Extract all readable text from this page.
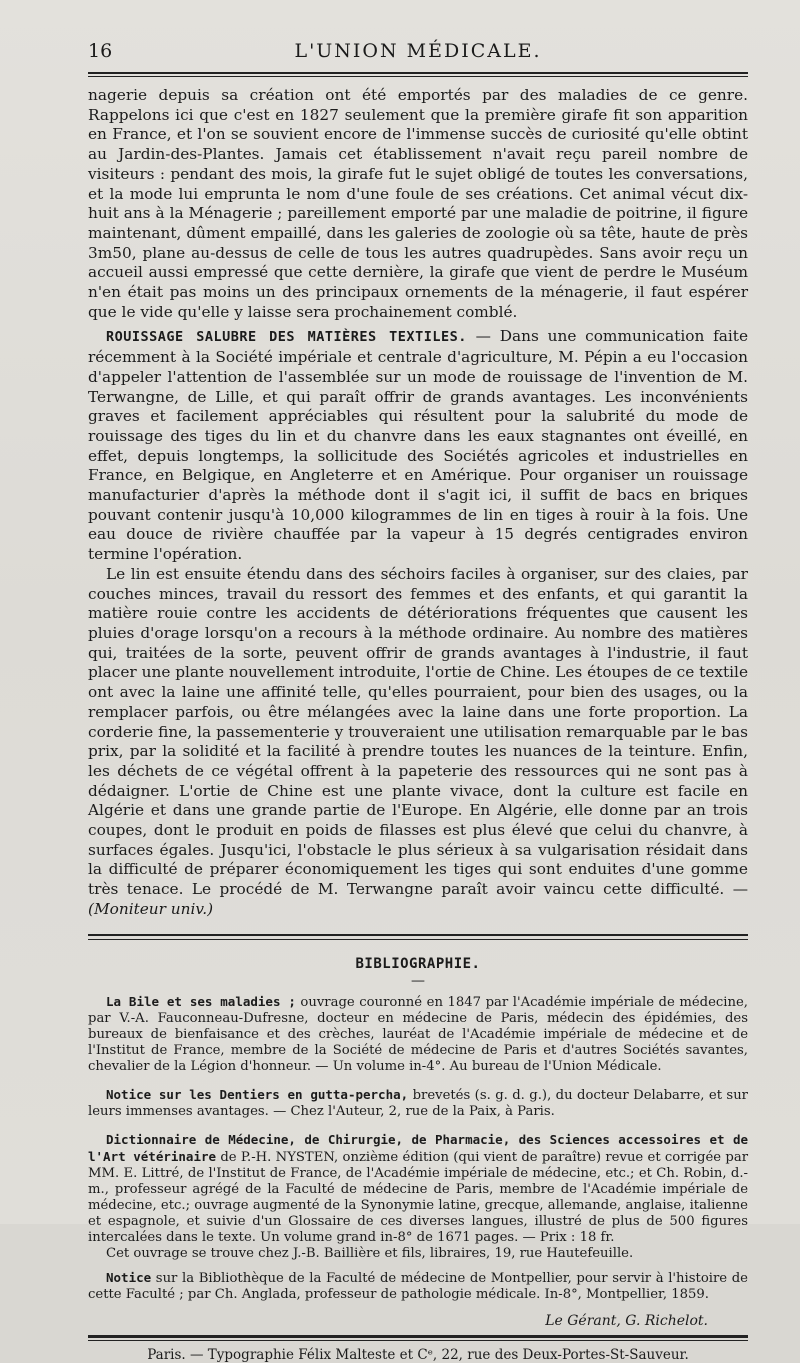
16	L'UNION MÉDICALE.

nagerie depuis sa création ont été emportés par des maladies de ce genre. Rappelons ici que c'est en 1827 seulement que la première girafe fit son apparition en France, et l'on se souvient encore de l'immense succès de curiosité qu'elle obtint au Jardin-des-Plantes. Jamais cet établissement n'avait reçu pareil nombre de visiteurs : pendant des mois, la girafe fut le sujet obligé de toutes les conversations, et la mode lui emprunta le nom d'une foule de ses créations. Cet animal vécut dix-huit ans à la Ménagerie ; pareillement emporté par une maladie de poitrine, il figure maintenant, dûment empaillé, dans les galeries de zoologie où sa tête, haute de près 3m50, plane au-dessus de celle de tous les autres quadrupèdes. Sans avoir reçu un accueil aussi empressé que cette dernière, la girafe que vient de perdre le Muséum n'en était pas moins un des principaux ornements de la ménagerie, il faut espérer que le vide qu'elle y laisse sera prochainement comblé.

ROUISSAGE SALUBRE DES MATIÈRES TEXTILES. — Dans une communication faite récemment à la Société impériale et centrale d'agriculture, M. Pépin a eu l'occasion d'appeler l'attention de l'assemblée sur un mode de rouissage de l'invention de M. Terwangne, de Lille, et qui paraît offrir de grands avantages. Les inconvénients graves et facilement appréciables qui résultent pour la salubrité du mode de rouissage des tiges du lin et du chanvre dans les eaux stagnantes ont éveillé, en effet, depuis longtemps, la sollicitude des Sociétés agricoles et industrielles en France, en Belgique, en Angleterre et en Amérique. Pour organiser un rouissage manufacturier d'après la méthode dont il s'agit ici, il suffit de bacs en briques pouvant contenir jusqu'à 10,000 kilogrammes de lin en tiges à rouir à la fois. Une eau douce de rivière chauffée par la vapeur à 15 degrés centigrades environ termine l'opération.

Le lin est ensuite étendu dans des séchoirs faciles à organiser, sur des claies, par couches minces, travail du ressort des femmes et des enfants, et qui garantit la matière rouie contre les accidents de détériorations fréquentes que causent les pluies d'orage lorsqu'on a recours à la méthode ordinaire. Au nombre des matières qui, traitées de la sorte, peuvent offrir de grands avantages à l'industrie, il faut placer une plante nouvellement introduite, l'ortie de Chine. Les étoupes de ce textile ont avec la laine une affinité telle, qu'elles pourraient, pour bien des usages, ou la remplacer parfois, ou être mélangées avec la laine dans une forte proportion. La corderie fine, la passementerie y trouveraient une utilisation remarquable par le bas prix, par la solidité et la facilité à prendre toutes les nuances de la teinture. Enfin, les déchets de ce végétal offrent à la papeterie des ressources qui ne sont pas à dédaigner. L'ortie de Chine est une plante vivace, dont la culture est facile en Algérie et dans une grande partie de l'Europe. En Algérie, elle donne par an trois coupes, dont le produit en poids de filasses est plus élevé que celui du chanvre, à surfaces égales. Jusqu'ici, l'obstacle le plus sérieux à sa vulgarisation résidait dans la difficulté de préparer économiquement les tiges qui sont enduites d'une gomme très tenace. Le procédé de M. Terwangne paraît avoir vaincu cette difficulté. — (Moniteur univ.)

BIBLIOGRAPHIE.
—

La Bile et ses maladies ; ouvrage couronné en 1847 par l'Académie impériale de médecine, par V.-A. Fauconneau-Dufresne, docteur en médecine de Paris, médecin des épidémies, des bureaux de bienfaisance et des crèches, lauréat de l'Académie impériale de médecine et de l'Institut de France, membre de la Société de médecine de Paris et d'autres Sociétés savantes, chevalier de la Légion d'honneur. — Un volume in-4°. Au bureau de l'Union Médicale.

Notice sur les Dentiers en gutta-percha, brevetés (s. g. d. g.), du docteur Delabarre, et sur leurs immenses avantages. — Chez l'Auteur, 2, rue de la Paix, à Paris.

Dictionnaire de Médecine, de Chirurgie, de Pharmacie, des Sciences accessoires et de l'Art vétérinaire de P.-H. NYSTEN, onzième édition (qui vient de paraître) revue et corrigée par MM. E. Littré, de l'Institut de France, de l'Académie impériale de médecine, etc.; et Ch. Robin, d.-m., professeur agrégé de la Faculté de médecine de Paris, membre de l'Académie impériale de médecine, etc.; ouvrage augmenté de la Synonymie latine, grecque, allemande, anglaise, italienne et espagnole, et suivie d'un Glossaire de ces diverses langues, illustré de plus de 500 figures intercalées dans le texte. Un volume grand in-8° de 1671 pages. — Prix : 18 fr.

Cet ouvrage se trouve chez J.-B. Baillière et fils, libraires, 19, rue Hautefeuille.

Notice sur la Bibliothèque de la Faculté de médecine de Montpellier, pour servir à l'histoire de cette Faculté ; par Ch. Anglada, professeur de pathologie médicale. In-8°, Montpellier, 1859.

Le Gérant, G. Richelot.
Paris. — Typographie Félix Malteste et Cᵉ, 22, rue des Deux-Portes-St-Sauveur.
